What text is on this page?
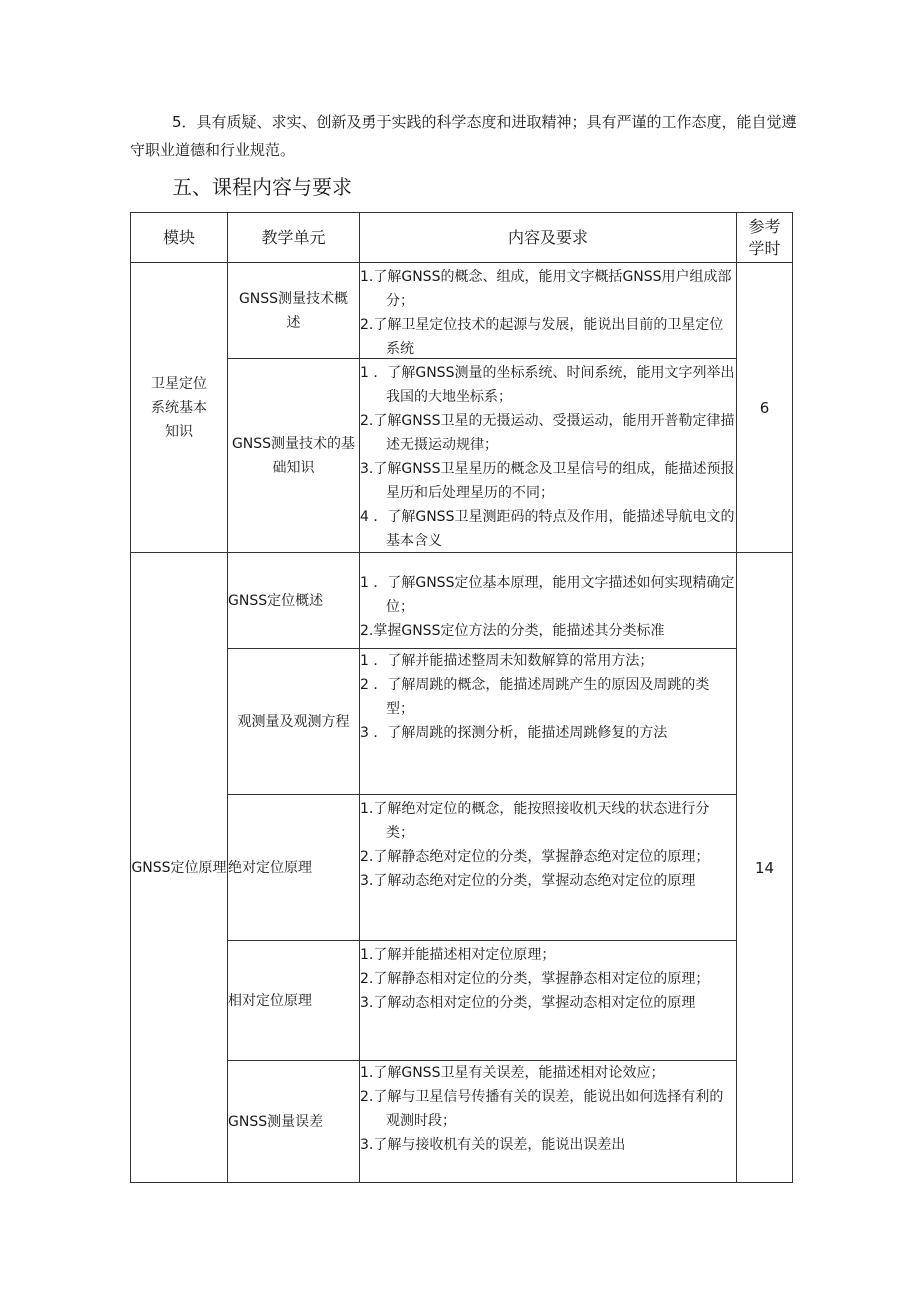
5．具有质疑、求实、创新及勇于实践的科学态度和进取精神；具有严谨的工作态度，能自觉遵守职业道德和行业规范。
五、课程内容与要求
模块	教学单元	内容及要求	参考学时
卫星定位系统基本知识	GNSS测量技术概述	1.了解GNSS的概念、组成，能用文字概括GNSS用户组成部分；
2.了解卫星定位技术的起源与发展，能说出目前的卫星定位系统	6
	GNSS测量技术的基础知识	1 ．了解GNSS测量的坐标系统、时间系统，能用文字列举出我国的大地坐标系；
2.了解GNSS卫星的无摄运动、受摄运动，能用开普勒定律描述无摄运动规律；
3.了解GNSS卫星星历的概念及卫星信号的组成，能描述预报星历和后处理星历的不同；
4 ．了解GNSS卫星测距码的特点及作用，能描述导航电文的基本含义	

GNSS定位原理	GNSS定位概述	1 ．了解GNSS定位基本原理，能用文字描述如何实现精确定位；
2.掌握GNSS定位方法的分类，能描述其分类标准	14
	观测量及观测方程	1 ．了解并能描述整周未知数解算的常用方法；
2 ．了解周跳的概念，能描述周跳产生的原因及周跳的类型；
3 ．了解周跳的探测分析，能描述周跳修复的方法	

	绝对定位原理	1.了解绝对定位的概念，能按照接收机天线的状态进行分类；
2.了解静态绝对定位的分类，掌握静态绝对定位的原理；
3.了解动态绝对定位的分类，掌握动态绝对定位的原理	

	相对定位原理	1.了解并能描述相对定位原理；
2.了解静态相对定位的分类，掌握静态相对定位的原理；
3.了解动态相对定位的分类，掌握动态相对定位的原理	

	GNSS测量误差	1.了解GNSS卫星有关误差，能描述相对论效应；
2.了解与卫星信号传播有关的误差，能说出如何选择有利的观测时段；
3.了解与接收机有关的误差，能说出误差出	
